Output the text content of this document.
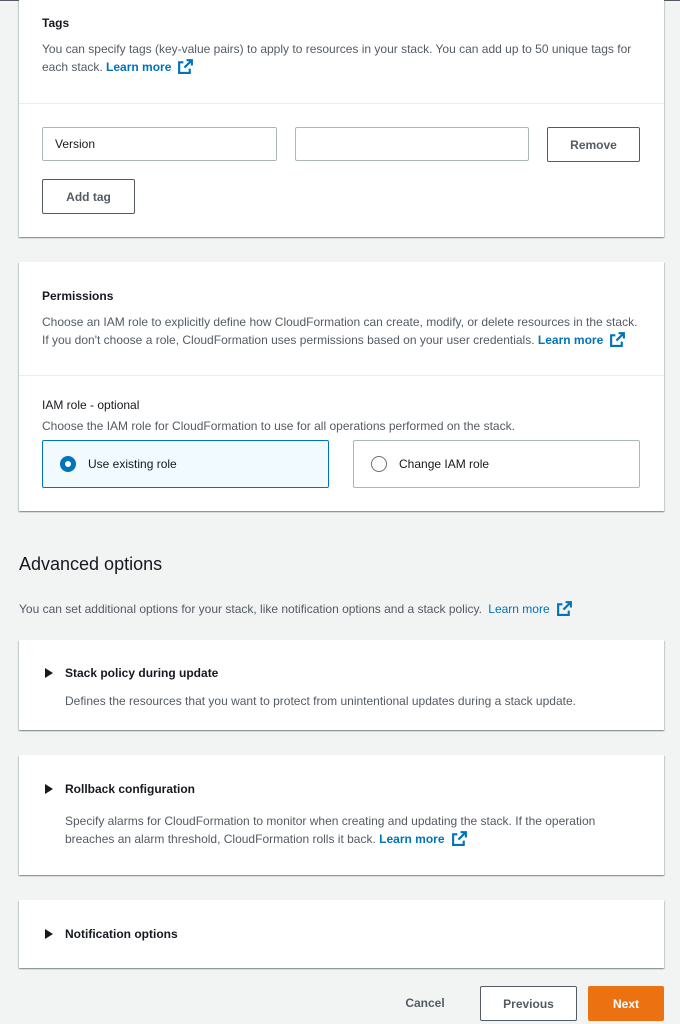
Tags
You can specify tags (key-value pairs) to apply to resources in your stack. You can add up to 50 unique tags for each stack. Learn more
Version	Remove
Add tag
Permissions
Choose an IAM role to explicitly define how CloudFormation can create, modify, or delete resources in the stack. If you don't choose a role, CloudFormation uses permissions based on your user credentials. Learn more
IAM role - optional
Choose the IAM role for CloudFormation to use for all operations performed on the stack.
Use existing role	Change IAM role
Advanced options
You can set additional options for your stack, like notification options and a stack policy. Learn more
Stack policy during update
Defines the resources that you want to protect from unintentional updates during a stack update.
Rollback configuration
Specify alarms for CloudFormation to monitor when creating and updating the stack. If the operation breaches an alarm threshold, CloudFormation rolls it back. Learn more
Notification options
Cancel	Previous	Next
